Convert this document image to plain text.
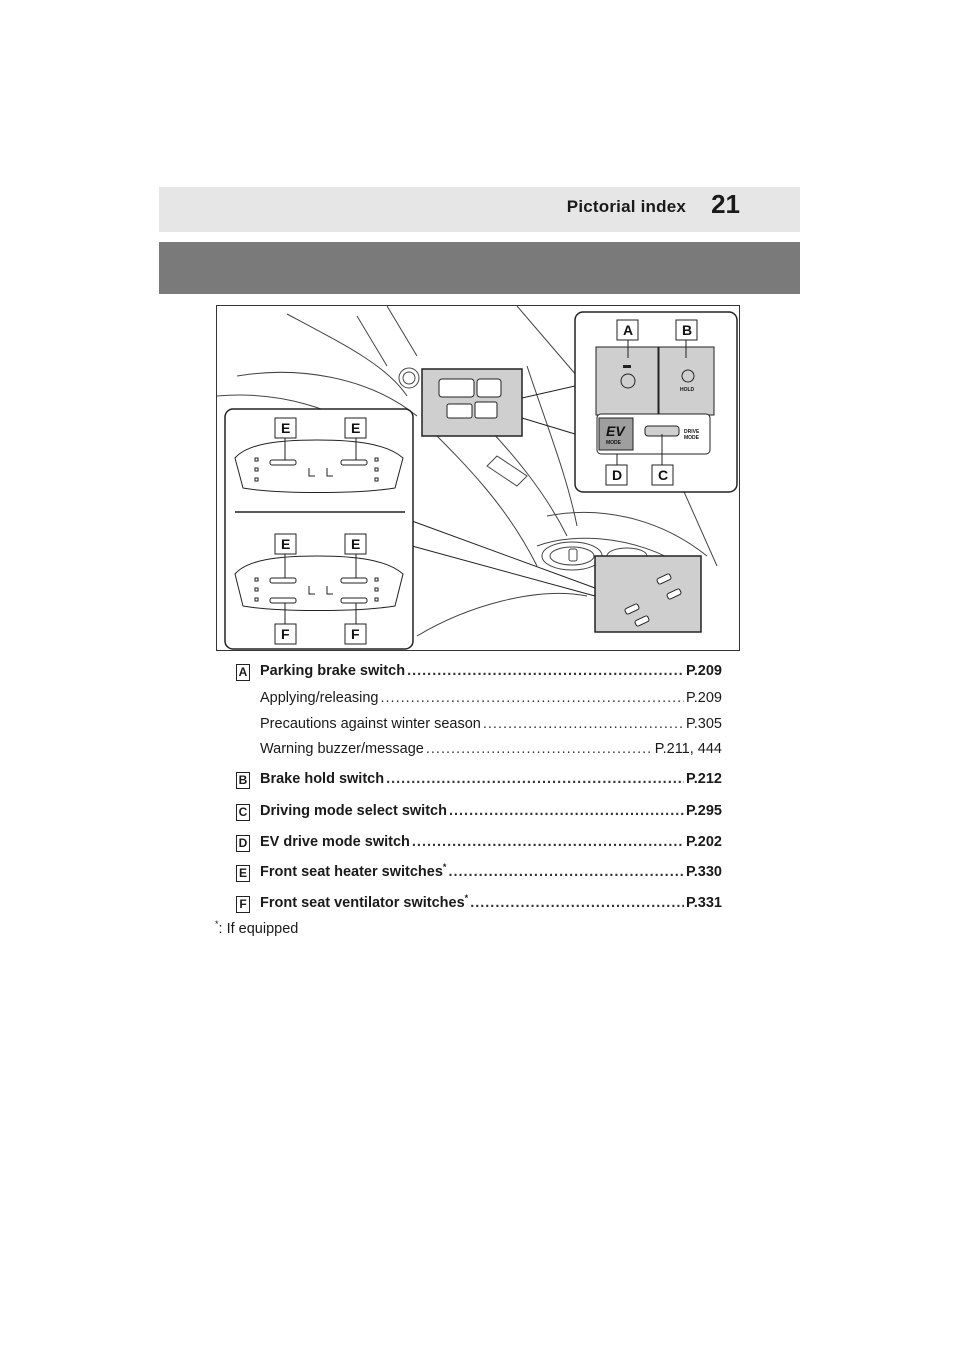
Pictorial index 21
HOLD
EV
MODE
DRIVE
MODE
A	B
D	C
E	E
E	E
F	F
A Parking brake switch .....	P.209
Applying/releasing .....	P.209
Precautions against winter season .....	P.305
Warning buzzer/message .....	P.211, 444
B Brake hold switch .....	P.212
C Driving mode select switch .....	P.295
D EV drive mode switch .....	P.202
E Front seat heater switches* .....	P.330
F Front seat ventilator switches* .....	P.331
*: If equipped
